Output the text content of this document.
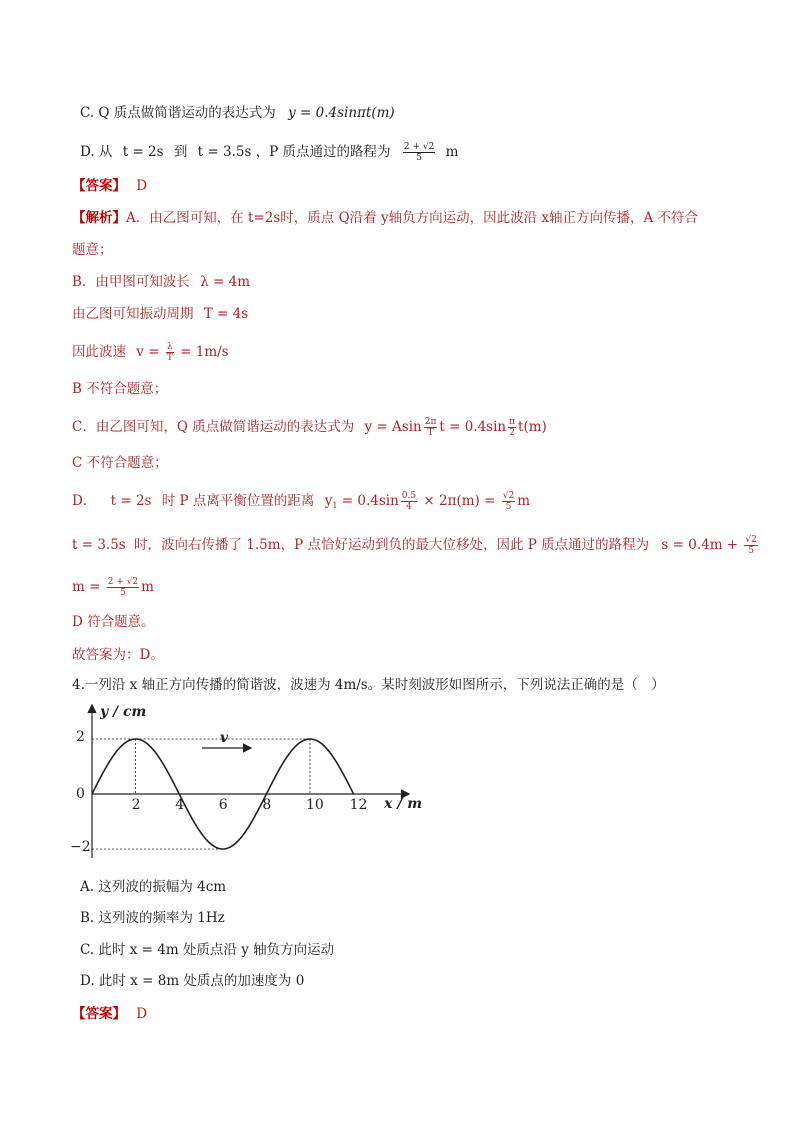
C. Q 质点做简谐运动的表达式为 y = 0.4sinπt(m)
D. 从 t = 2s 到 t = 3.5s ，P 质点通过的路程为 $\frac{2 + √2}{5}$ m
【答案】 D
【解析】A．由乙图可知，在 t=2s时，质点 Q沿着 y轴负方向运动，因此波沿 x轴正方向传播，A 不符合
题意；
B．由甲图可知波长 λ = 4m
由乙图可知振动周期 T = 4s
因此波速 $v = \frac{\lambda}{T} = 1m/s$
B 不符合题意；
C．由乙图可知，Q 质点做简谐运动的表达式为 y = Asin $\frac{2\pi}{T}$ $t = 0.4\sin \frac{\pi}{2} t(m)$
C 不符合题意；
D． t = 2s 时 P 点离平衡位置的距离 $y_1 = 0.4\sin \frac{0.5}{4} \times 2\pi(m) = \frac{√2}{5}$ m
t = 3.5s 时，波向右传播了 1.5m，P 点恰好运动到负的最大位移处，因此 P 质点通过的路程为 $s = 0.4m + \frac{√2}{5}$
$m = \frac{2 + √2}{5}$ m
D 符合题意。
故答案为：D。
4.一列沿 x 轴正方向传播的简谐波，波速为 4m/s。某时刻波形如图所示，下列说法正确的是（　）
y / cm
x / m
2
0
−2
2 4 6 8 10 12
v
A. 这列波的振幅为 4cm
B. 这列波的频率为 1Hz
C. 此时 x = 4m 处质点沿 y 轴负方向运动
D. 此时 x = 8m 处质点的加速度为 0
【答案】 D
